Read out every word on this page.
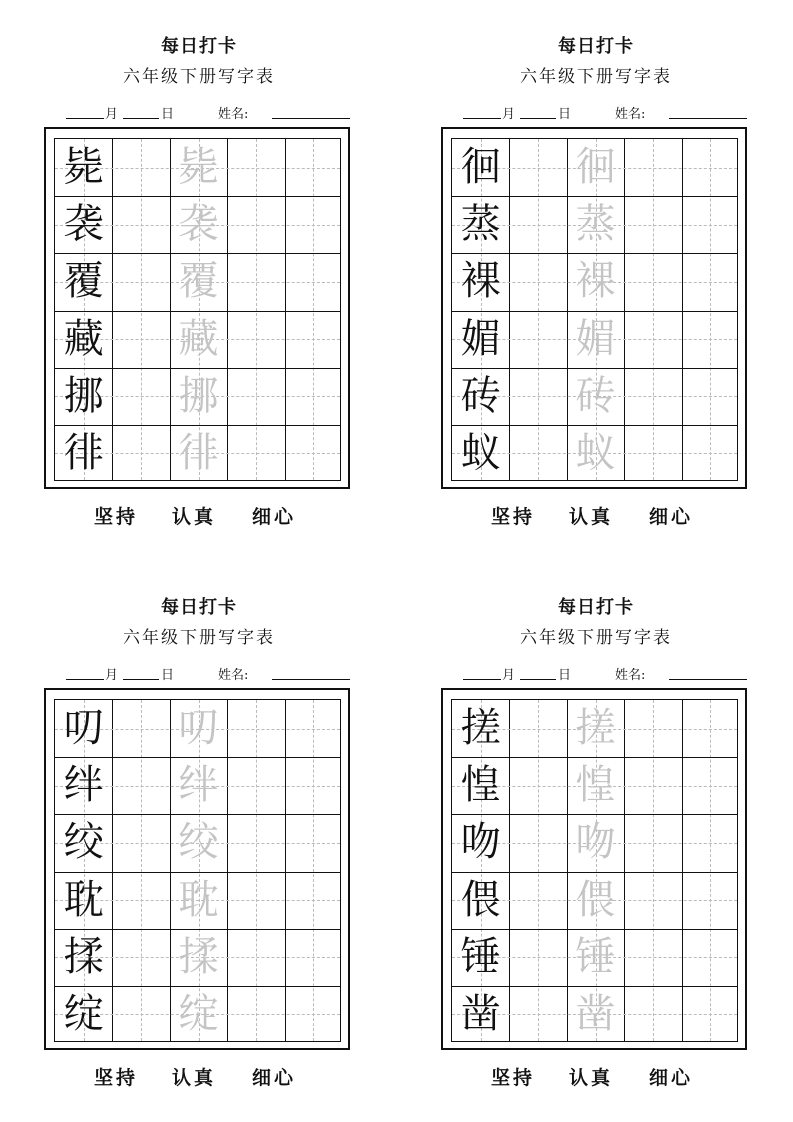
每日打卡
六年级下册写字表
月	日	姓名:
毙 毙
袭 袭
覆 覆
藏 藏
挪 挪
徘 徘
坚持 认真 细心
每日打卡
六年级下册写字表
月	日	姓名:
徊 徊
蒸 蒸
裸 裸
媚 媚
砖 砖
蚁 蚁
坚持 认真 细心
每日打卡
六年级下册写字表
月	日	姓名:
叨 叨
绊 绊
绞 绞
耽 耽
揉 揉
绽 绽
坚持 认真 细心
每日打卡
六年级下册写字表
月	日	姓名:
搓 搓
惶 惶
吻 吻
偎 偎
锤 锤
凿 凿
坚持 认真 细心
